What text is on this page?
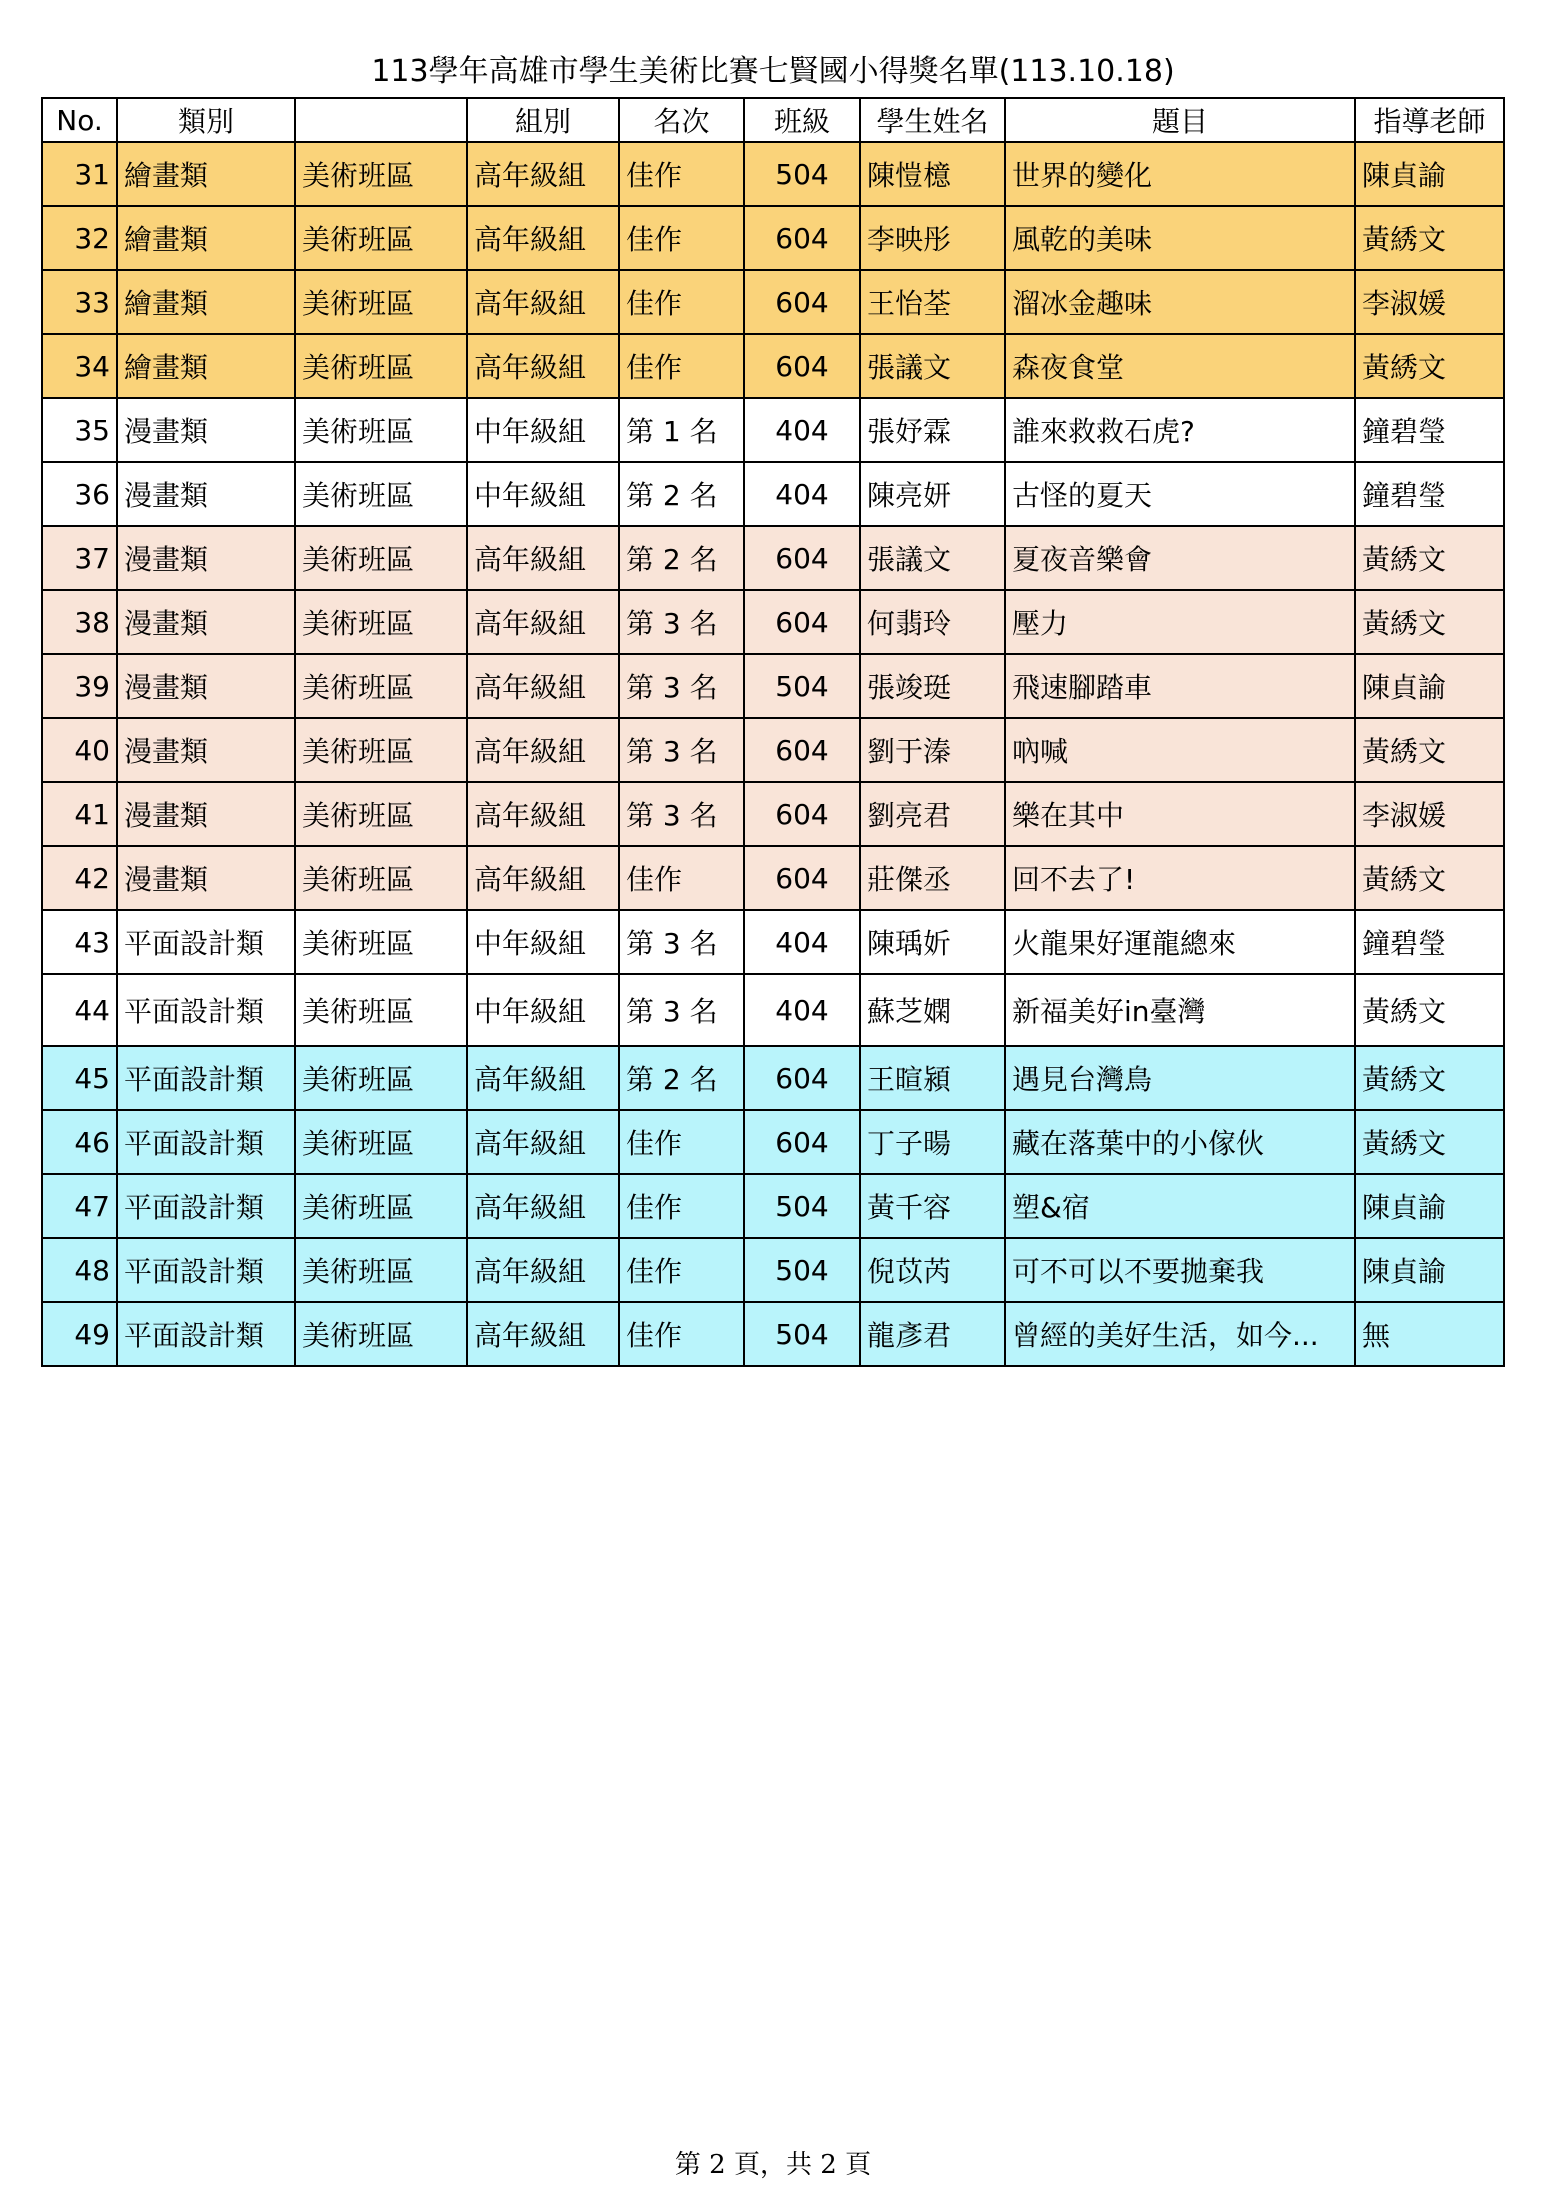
113學年高雄市學生美術比賽七賢國小得獎名單(113.10.18)
No.	類別		組別	名次	班級	學生姓名	題目	指導老師
31	繪畫類	美術班區	高年級組	佳作	504	陳愷檍	世界的變化	陳貞諭
32	繪畫類	美術班區	高年級組	佳作	604	李映彤	風乾的美味	黃綉文
33	繪畫類	美術班區	高年級組	佳作	604	王怡荃	溜冰金趣味	李淑媛
34	繪畫類	美術班區	高年級組	佳作	604	張議文	森夜食堂	黃綉文
35	漫畫類	美術班區	中年級組	第 1 名	404	張妤霖	誰來救救石虎?	鐘碧瑩
36	漫畫類	美術班區	中年級組	第 2 名	404	陳亮妍	古怪的夏天	鐘碧瑩
37	漫畫類	美術班區	高年級組	第 2 名	604	張議文	夏夜音樂會	黃綉文
38	漫畫類	美術班區	高年級組	第 3 名	604	何翡玲	壓力	黃綉文
39	漫畫類	美術班區	高年級組	第 3 名	504	張竣珽	飛速腳踏車	陳貞諭
40	漫畫類	美術班區	高年級組	第 3 名	604	劉于溱	吶喊	黃綉文
41	漫畫類	美術班區	高年級組	第 3 名	604	劉亮君	樂在其中	李淑媛
42	漫畫類	美術班區	高年級組	佳作	604	莊傑丞	回不去了!	黃綉文
43	平面設計類	美術班區	中年級組	第 3 名	404	陳瑀妡	火龍果好運龍總來	鐘碧瑩
44	平面設計類	美術班區	中年級組	第 3 名	404	蘇芝嫻	新福美好in臺灣	黃綉文
45	平面設計類	美術班區	高年級組	第 2 名	604	王暄潁	遇見台灣鳥	黃綉文
46	平面設計類	美術班區	高年級組	佳作	604	丁子暘	藏在落葉中的小傢伙	黃綉文
47	平面設計類	美術班區	高年級組	佳作	504	黃千容	塑&宿	陳貞諭
48	平面設計類	美術班區	高年級組	佳作	504	倪苡芮	可不可以不要拋棄我	陳貞諭
49	平面設計類	美術班區	高年級組	佳作	504	龍彥君	曾經的美好生活，如今...	無
第 2 頁，共 2 頁
